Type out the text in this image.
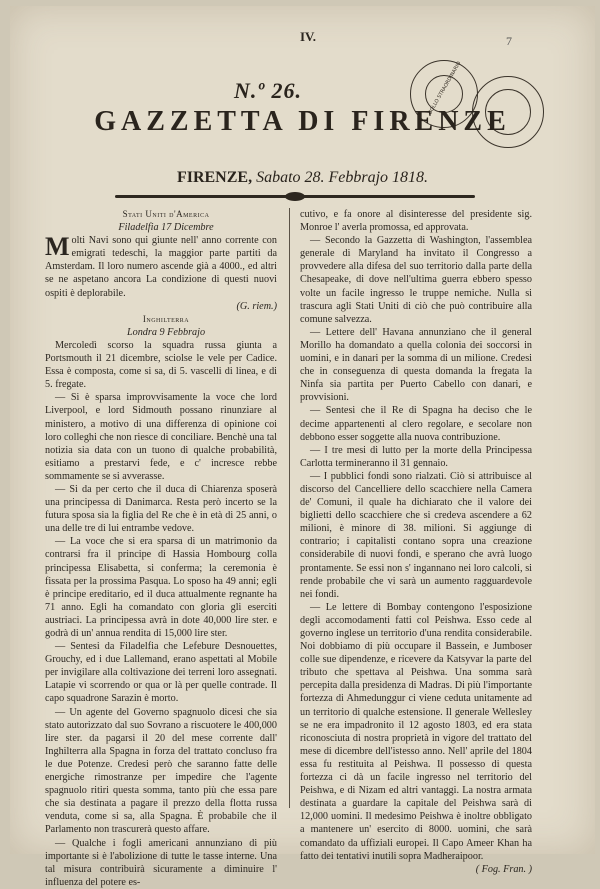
IV.	7
N.º 26.	BOLLO STRAORDINARIO
GAZZETTA DI FIRENZE
FIRENZE, Sabato 28. Febbrajo 1818.

Stati Uniti d'America

Filadelfia 17 Dicembre

Molti Navi sono qui giunte nell' anno corrente con emigrati tedeschi, la maggior parte partiti da Amsterdam. Il loro numero ascende già a 4000., ed altri se ne aspetano ancora La condizione di questi nuovi ospiti è deplorabile.

(G. riem.)

Inghilterra

Londra 9 Febbrajo

Mercoledì scorso la squadra russa giunta a Portsmouth il 21 dicembre, sciolse le vele per Cadice. Essa è composta, come si sa, di 5. vascelli di linea, e di 5. fregate.

— Si è sparsa improvvisamente la voce che lord Liverpool, e lord Sidmouth possano rinunziare al ministero, a motivo di una differenza di opinione coi loro colleghi che non riesce di conciliare. Benchè una tal notizia sia data con un tuono di qualche probabilità, esitiamo a prestarvi fede, e c' incresce rebbe sommamente se si avverasse.

— Si da per certo che il duca di Chiarenza sposerà una principessa di Danimarca. Resta però incerto se la futura sposa sia la figlia del Re che è in età di 25 anni, o una delle tre di lui entrambe vedove.

— La voce che si era sparsa di un matrimonio da contrarsi fra il principe di Hassia Hombourg colla principessa Elisabetta, si conferma; la ceremonia è fissata per la prossima Pasqua. Lo sposo ha 49 anni; egli è principe ereditario, ed il duca attualmente regnante ha 71 anno. Egli ha comandato con gloria gli eserciti austriaci. La principessa avrà in dote 40,000 lire ster. e godrà di un' annua rendita di 15,000 lire ster.

— Sentesi da Filadelfia che Lefebure Desnouettes, Grouchy, ed i due Lallemand, erano aspettati al Mobile per invigilare alla coltivazione dei terreni loro assegnati. Latapie vi scorrendo or qua or là per quelle contrade. Il capo squadrone Sarazin è morto.

— Un agente del Governo spagnuolo dicesi che sia stato autorizzato dal suo Sovrano a riscuotere le 400,000 lire ster. da pagarsi il 20 del mese corrente dall' Inghilterra alla Spagna in forza del trattato concluso fra le due Potenze. Credesi però che saranno fatte delle energiche rimostranze per impedire che l'agente spagnuolo ritiri questa somma, tanto più che essa pare che sia destinata a pagare il prezzo della flotta russa venduta, come si sa, alla Spagna. È probabile che il Parlamento non trascurerà questo affare.

— Qualche i fogli americani annunziano di più importante si è l'abolizione di tutte le tasse interne. Una tal misura contribuirà sicuramente a diminuire l' influenza del potere es-

cutivo, e fa onore al disinteresse del presidente sig. Monroe l' averla promossa, ed approvata.

— Secondo la Gazzetta di Washington, l'assemblea generale di Maryland ha invitato il Congresso a provvedere alla difesa del suo territorio dalla parte della Chesapeake, di dove nell'ultima guerra ebbero spesso volte un facile ingresso le truppe nemiche. Nulla si trascura agli Stati Uniti di ciò che può contribuire alla comune salvezza.

— Lettere dell' Havana annunziano che il general Morillo ha domandato a quella colonia dei soccorsi in uomini, e in danari per la somma di un milione. Credesi che in conseguenza di questa domanda la fregata la Ninfa sia partita per Puerto Cabello con danari, e provvisioni.

— Sentesi che il Re di Spagna ha deciso che le decime appartenenti al clero regolare, e secolare non debbono esser soggette alla nuova contribuzione.

— I tre mesi di lutto per la morte della Principessa Carlotta termineranno il 31 gennaio.

— I pubblici fondi sono rialzati. Ciò si attribuisce al discorso del Cancelliere dello scacchiere nella Camera de' Comuni, il quale ha dichiarato che il valore dei biglietti dello scacchiere che si credeva ascendere a 62 milioni, è minore di 38. milioni. Si aggiunge di contrario; i capitalisti contano sopra una creazione considerabile di nuovi fondi, e sperano che avrà luogo prontamente. Se essi non s' ingannano nei loro calcoli, si rende probabile che vi sarà un aumento ragguardevole nei fondi.

— Le lettere di Bombay contengono l'esposizione degli accomodamenti fatti col Peishwa. Esso cede al governo inglese un territorio d'una rendita considerabile. Noi dobbiamo di più occupare il Bassein, e Jumboser colle sue dipendenze, e ricevere da Katsyvar la parte del tributo che spettava al Peishwa. Una somma sarà percepita dalla presidenza di Madras. Di più l'importante fortezza di Ahmedunggur ci viene ceduta unitamente ad un territorio di qualche estensione. Il generale Wellesley se ne era impadronito il 12 agosto 1803, ed era stata riconosciuta di nostra proprietà in vigore del trattato del mese di dicembre dell'istesso anno. Nell' aprile del 1804 essa fu restituita al Peishwa. Il possesso di questa fortezza ci dà un facile ingresso nel territorio del Peishwa, e di Nizam ed altri vantaggi. La nostra armata destinata a guardare la capitale del Peishwa sarà di 12,000 uomini. Il medesimo Peishwa è inoltre obbligato a mantenere un' esercito di 8000. uomini, che sarà comandato da uffiziali europei. Il Capo Ameer Khan ha fatto dei tentativi inutili sopra Madheraipoor.

( Fog. Fran. )
